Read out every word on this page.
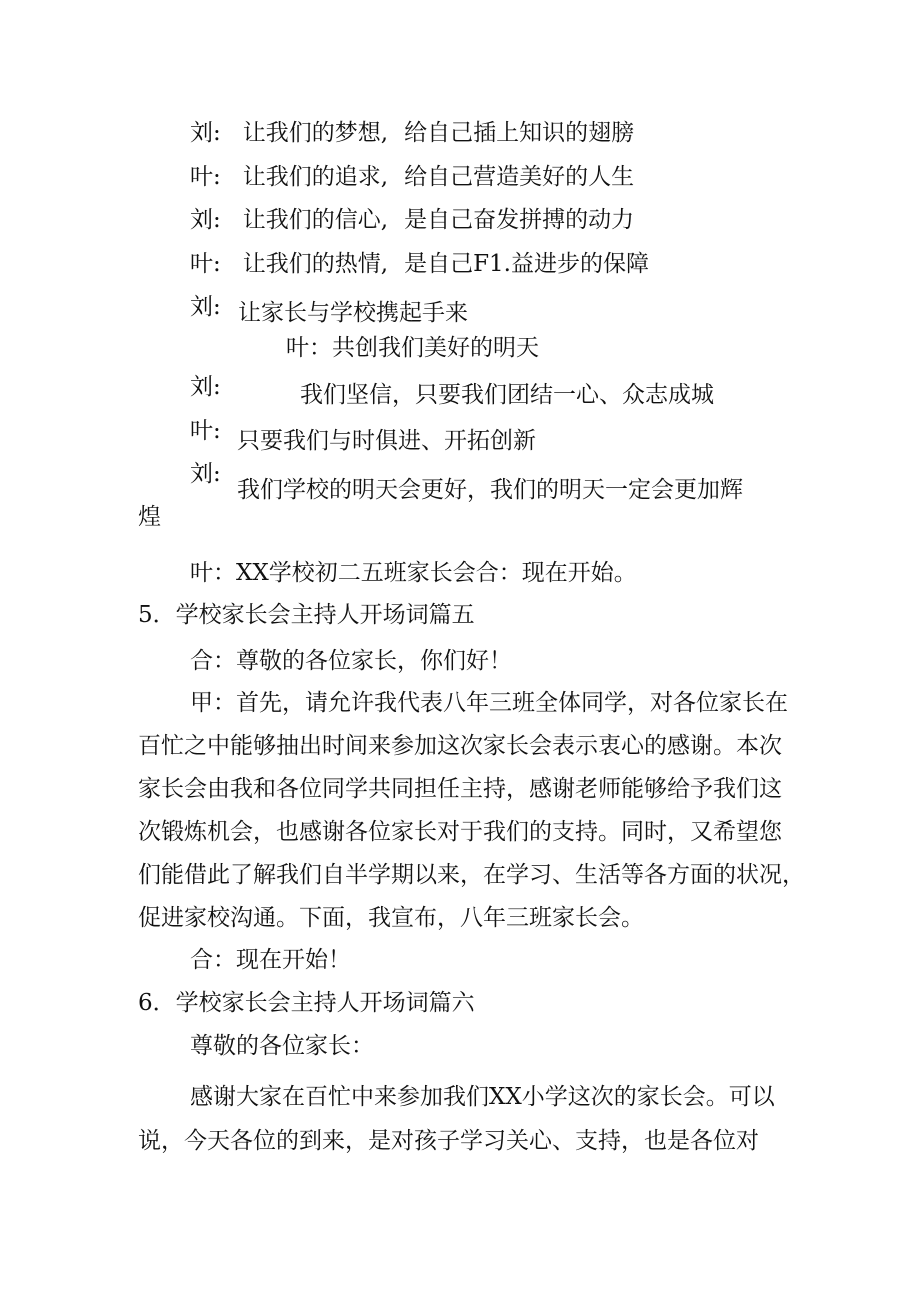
刘: 让我们的梦想, 给自己插上知识的翅膀
叶: 让我们的追求, 给自己营造美好的人生
刘: 让我们的信心, 是自己奋发拼搏的动力
叶: 让我们的热情, 是自己F1.益进步的保障
刘: 让家长与学校携起手来
叶：共创我们美好的明天
刘:	我们坚信，只要我们团结一心、众志成城
叶: 只要我们与时俱进、开拓创新
刘:
我们学校的明天会更好，我们的明天一定会更加辉
煌
叶：XX学校初二五班家长会合：现在开始。
5．学校家长会主持人开场词篇五
合：尊敬的各位家长，你们好！
甲：首先，请允许我代表八年三班全体同学，对各位家长在
百忙之中能够抽出时间来参加这次家长会表示衷心的感谢。本次
家长会由我和各位同学共同担任主持，感谢老师能够给予我们这
次锻炼机会，也感谢各位家长对于我们的支持。同时，又希望您
们能借此了解我们自半学期以来，在学习、生活等各方面的状况，
促进家校沟通。下面，我宣布，八年三班家长会。
合：现在开始！
6．学校家长会主持人开场词篇六
尊敬的各位家长：
感谢大家在百忙中来参加我们XX小学这次的家长会。可以
说，今天各位的到来，是对孩子学习关心、支持，也是各位对
